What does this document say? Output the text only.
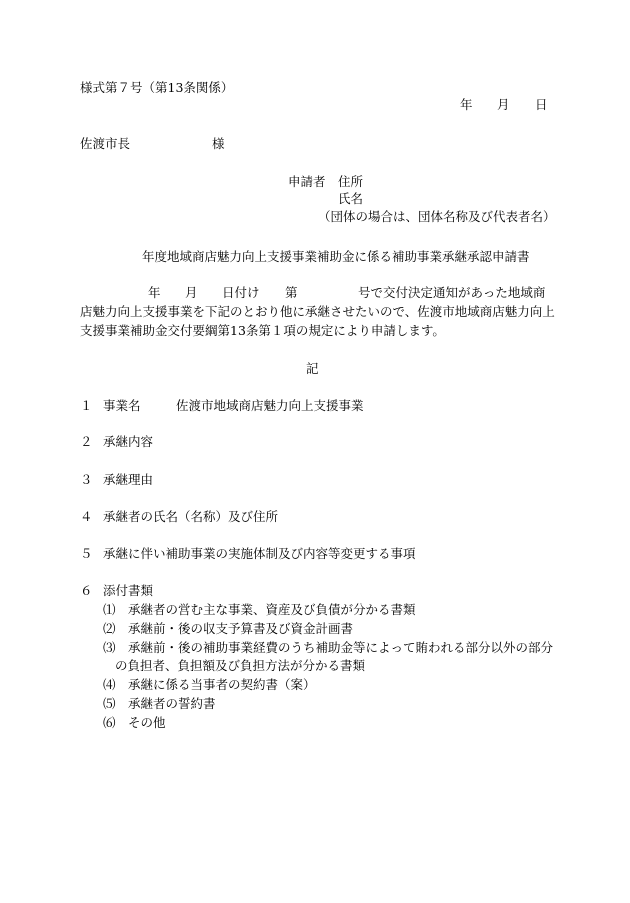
様式第７号（第13条関係）

年 月 日

佐渡市長	様

申請者 住所

氏名

（団体の場合は、団体名称及び代表者名）

年度地域商店魅力向上支援事業補助金に係る補助事業承継承認申請書

年 月 日付け 第	号で交付決定通知があった地域商

店魅力向上支援事業を下記のとおり他に承継させたいので、佐渡市地域商店魅力向上

支援事業補助金交付要綱第13条第１項の規定により申請します。

記

１ 事業名	佐渡市地域商店魅力向上支援事業

２ 承継内容

３ 承継理由

４ 承継者の氏名（名称）及び住所

５ 承継に伴い補助事業の実施体制及び内容等変更する事項

６ 添付書類

⑴ 承継者の営む主な事業、資産及び負債が分かる書類

⑵ 承継前・後の収支予算書及び資金計画書

⑶ 承継前・後の補助事業経費のうち補助金等によって賄われる部分以外の部分

の負担者、負担額及び負担方法が分かる書類

⑷ 承継に係る当事者の契約書（案）

⑸ 承継者の誓約書

⑹ その他
